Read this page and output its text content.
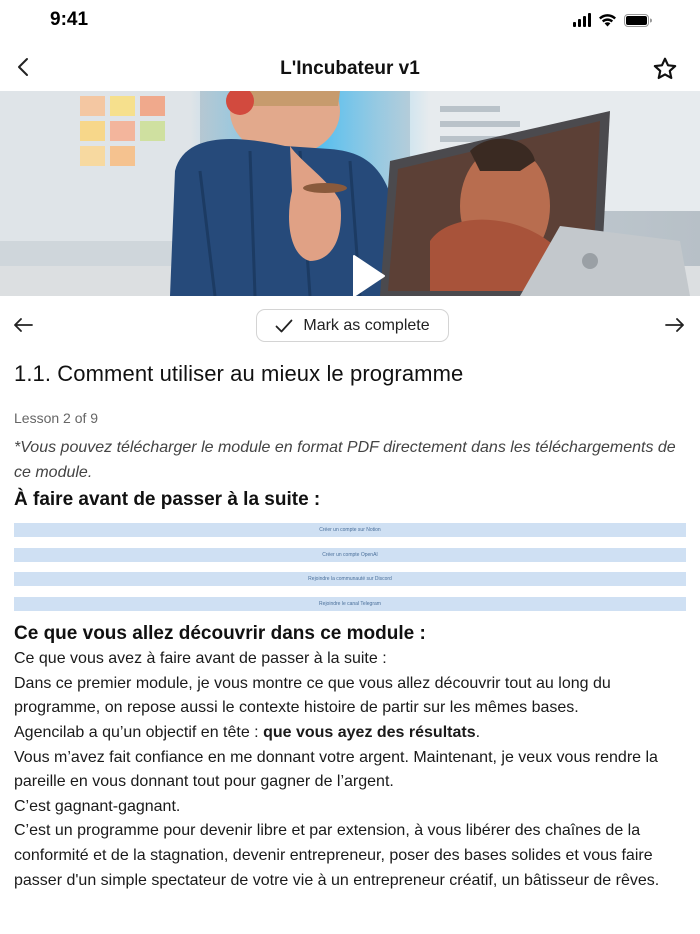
9:41
L'Incubateur v1
Mark as complete
1.1. Comment utiliser au mieux le programme
Lesson 2 of 9

*Vous pouvez télécharger le module en format PDF directement dans les téléchargements de ce module.

À faire avant de passer à la suite :
Créer un compte sur Notion
Créer un compte OpenAI
Rejoindre la communauté sur Discord
Rejoindre le canal Telegram
Ce que vous allez découvrir dans ce module :

Ce que vous avez à faire avant de passer à la suite :

Dans ce premier module, je vous montre ce que vous allez découvrir tout au long du programme, on repose aussi le contexte histoire de partir sur les mêmes bases.

Agencilab a qu’un objectif en tête : que vous ayez des résultats.

Vous m’avez fait confiance en me donnant votre argent. Maintenant, je veux vous rendre la pareille en vous donnant tout pour gagner de l’argent.

C’est gagnant-gagnant.

C’est un programme pour devenir libre et par extension, à vous libérer des chaînes de la conformité et de la stagnation, devenir entrepreneur, poser des bases solides et vous faire passer d'un simple spectateur de votre vie à un entrepreneur créatif, un bâtisseur de rêves.
